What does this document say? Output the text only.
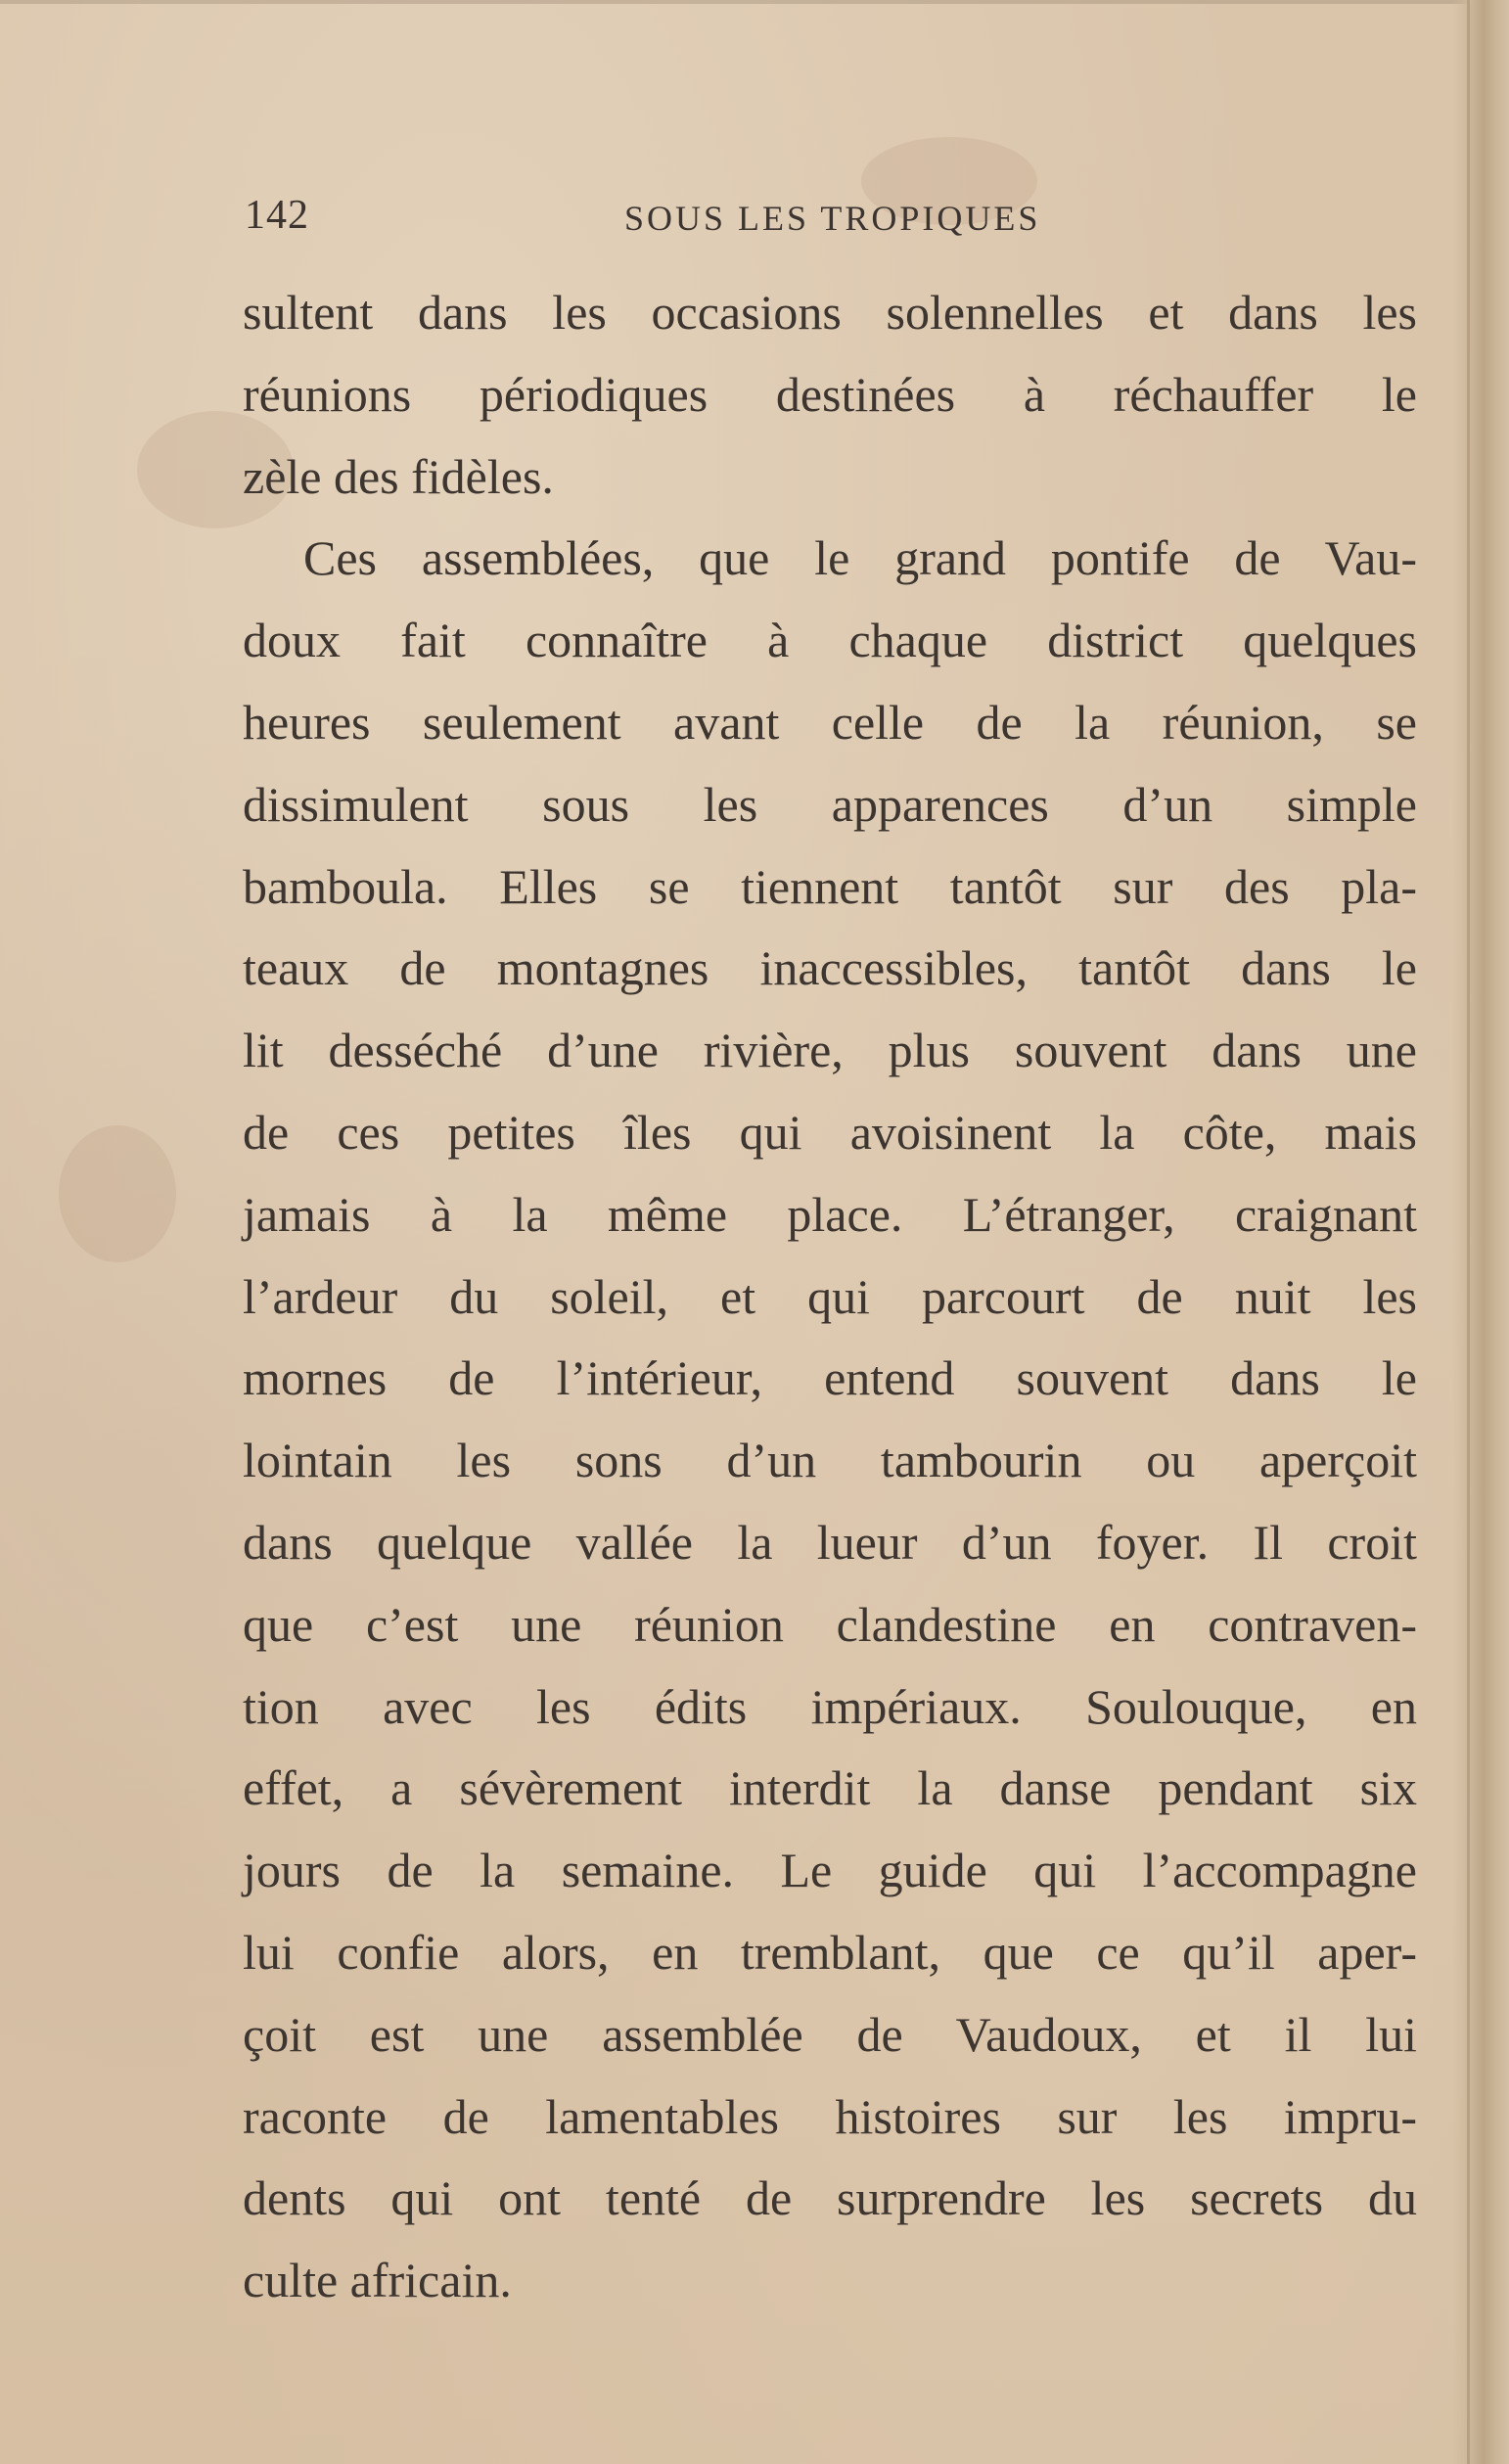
142	SOUS LES TROPIQUES
sultent dans les occasions solennelles et dans les
réunions périodiques destinées à réchauffer le
zèle des fidèles.
Ces assemblées, que le grand pontife de Vau-
doux fait connaître à chaque district quelques
heures seulement avant celle de la réunion, se
dissimulent sous les apparences d’un simple
bamboula. Elles se tiennent tantôt sur des pla-
teaux de montagnes inaccessibles, tantôt dans le
lit desséché d’une rivière, plus souvent dans une
de ces petites îles qui avoisinent la côte, mais
jamais à la même place. L’étranger, craignant
l’ardeur du soleil, et qui parcourt de nuit les
mornes de l’intérieur, entend souvent dans le
lointain les sons d’un tambourin ou aperçoit
dans quelque vallée la lueur d’un foyer. Il croit
que c’est une réunion clandestine en contraven-
tion avec les édits impériaux. Soulouque, en
effet, a sévèrement interdit la danse pendant six
jours de la semaine. Le guide qui l’accompagne
lui confie alors, en tremblant, que ce qu’il aper-
çoit est une assemblée de Vaudoux, et il lui
raconte de lamentables histoires sur les impru-
dents qui ont tenté de surprendre les secrets du
culte africain.
